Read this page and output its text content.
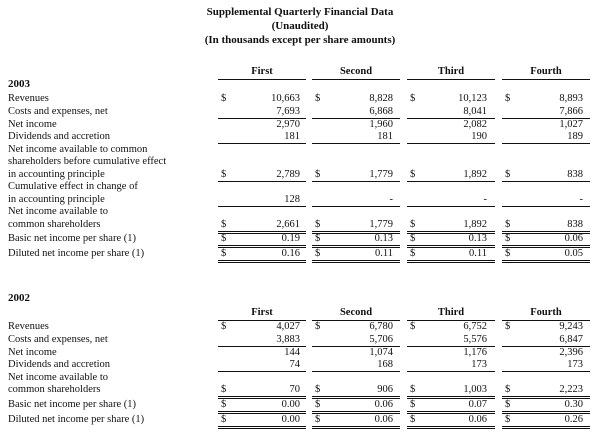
Supplemental Quarterly Financial Data
(Unaudited)
(In thousands except per share amounts)
2003
First	Second	Third	Fourth
Revenues	$	10,663 $	8,828 $	10,123 $	8,893
Costs and expenses, net	7,693	6,868	8,041	7,866
Net income	2,970	1,960	2,082	1,027
Dividends and accretion	181	181	190	189
Net income available to common
shareholders before cumulative effect
in accounting principle	$	2,789 $	1,779 $	1,892 $	838
Cumulative effect in change of
in accounting principle	128	-	-	-
Net income available to
common shareholders	$	2,661 $	1,779 $	1,892 $	838
Basic net income per share (1)	$	0.19 $	0.13 $	0.13 $	0.06
Diluted net income per share (1)	$	0.16 $	0.11 $	0.11 $	0.05
2002
First	Second	Third	Fourth
Revenues	$	4,027 $	6,780 $	6,752 $	9,243
Costs and expenses, net	3,883	5,706	5,576	6,847
Net income	144	1,074	1,176	2,396
Dividends and accretion	74	168	173	173
Net income available to
common shareholders	$	70 $	906 $	1,003 $	2,223
Basic net income per share (1)	$	0.00 $	0.06 $	0.07 $	0.30
Diluted net income per share (1)	$	0.00 $	0.06 $	0.06 $	0.26
